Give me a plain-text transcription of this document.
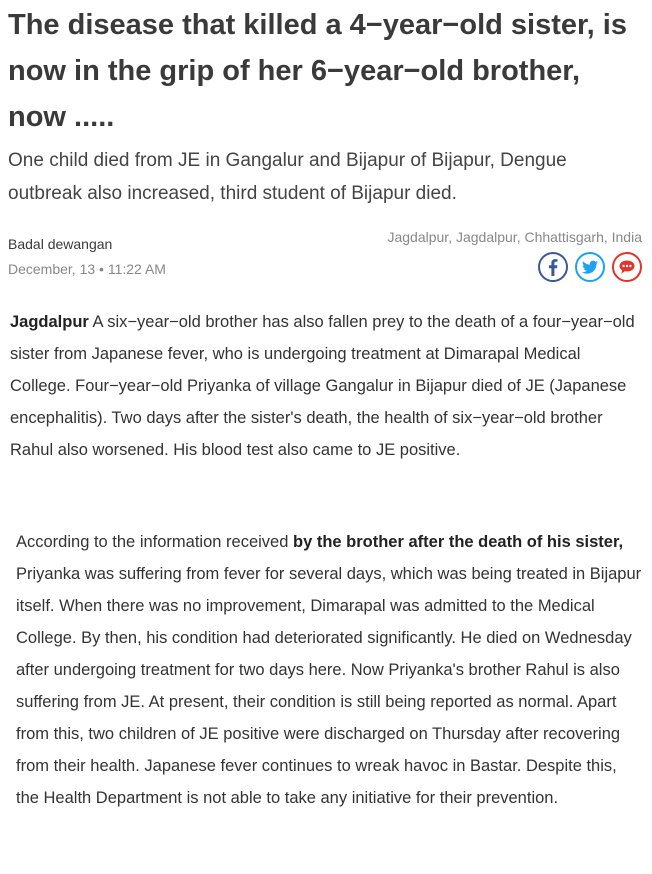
The disease that killed a 4−year−old sister, is now in the grip of her 6−year−old brother, now .....

One child died from JE in Gangalur and Bijapur of Bijapur, Dengue outbreak also increased, third student of Bijapur died.

Badal dewangan
December, 13 • 11:22 AM
Jagdalpur, Jagdalpur, Chhattisgarh, India

Jagdalpur A six−year−old brother has also fallen prey to the death of a four−year−old sister from Japanese fever, who is undergoing treatment at Dimarapal Medical College. Four−year−old Priyanka of village Gangalur in Bijapur died of JE (Japanese encephalitis). Two days after the sister's death, the health of six−year−old brother Rahul also worsened. His blood test also came to JE positive.

According to the information received by the brother after the death of his sister, Priyanka was suffering from fever for several days, which was being treated in Bijapur itself. When there was no improvement, Dimarapal was admitted to the Medical College. By then, his condition had deteriorated significantly. He died on Wednesday after undergoing treatment for two days here. Now Priyanka's brother Rahul is also suffering from JE. At present, their condition is still being reported as normal. Apart from this, two children of JE positive were discharged on Thursday after recovering from their health. Japanese fever continues to wreak havoc in Bastar. Despite this, the Health Department is not able to take any initiative for their prevention.
